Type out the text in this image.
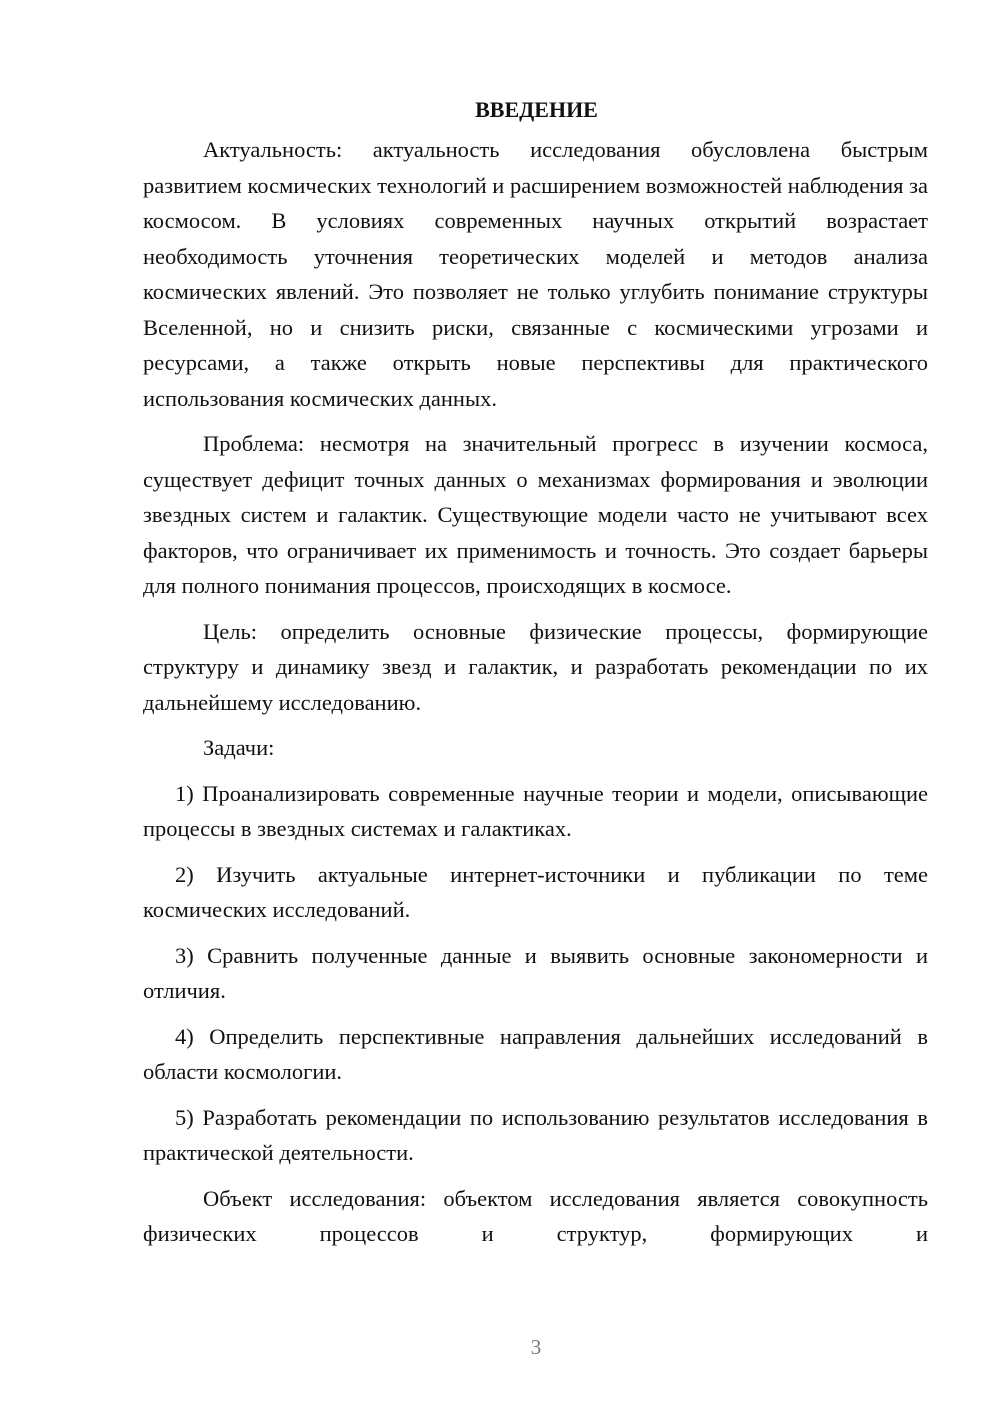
ВВЕДЕНИЕ

Актуальность: актуальность исследования обусловлена быстрым развитием космических технологий и расширением возможностей наблюдения за космосом. В условиях современных научных открытий возрастает необходимость уточнения теоретических моделей и методов анализа космических явлений. Это позволяет не только углубить понимание структуры Вселенной, но и снизить риски, связанные с космическими угрозами и ресурсами, а также открыть новые перспективы для практического использования космических данных.

Проблема: несмотря на значительный прогресс в изучении космоса, существует дефицит точных данных о механизмах формирования и эволюции звездных систем и галактик. Существующие модели часто не учитывают всех факторов, что ограничивает их применимость и точность. Это создает барьеры для полного понимания процессов, происходящих в космосе.

Цель: определить основные физические процессы, формирующие структуру и динамику звезд и галактик, и разработать рекомендации по их дальнейшему исследованию.

Задачи:

1) Проанализировать современные научные теории и модели, описывающие процессы в звездных системах и галактиках.

2) Изучить актуальные интернет-источники и публикации по теме космических исследований.

3) Сравнить полученные данные и выявить основные закономерности и отличия.

4) Определить перспективные направления дальнейших исследований в области космологии.

5) Разработать рекомендации по использованию результатов исследования в практической деятельности.

Объект исследования: объектом исследования является совокупность физических процессов и структур, формирующих и

3
